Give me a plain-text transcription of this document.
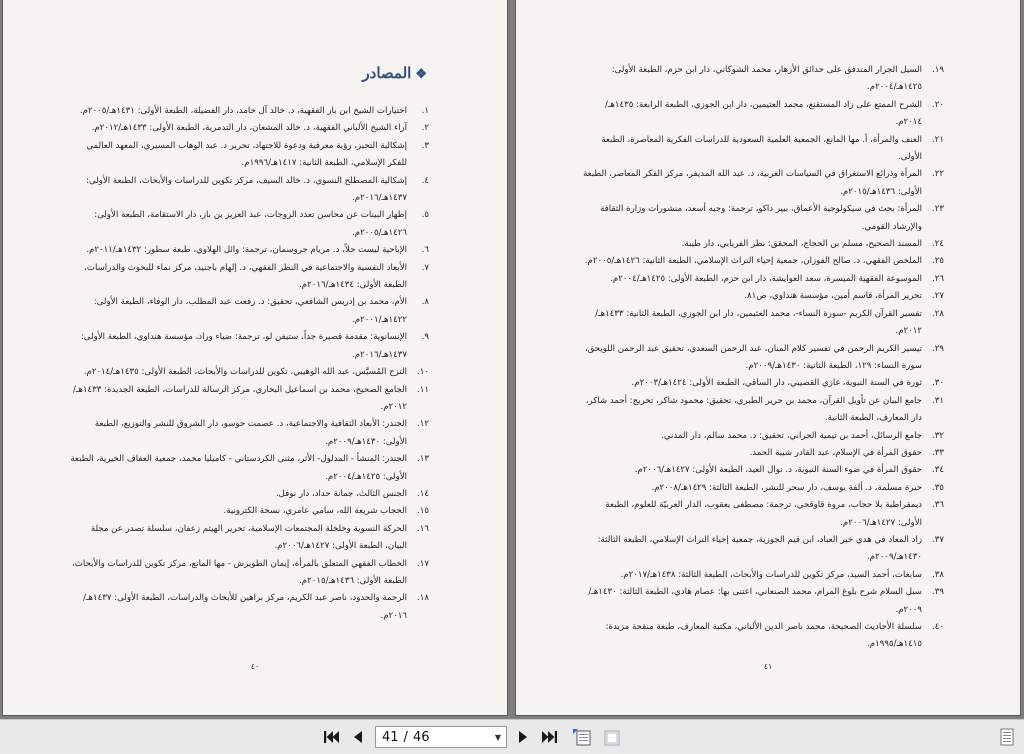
❖المصادر
١.
اختيارات الشيخ ابن باز الفقهية، د. خالد آل حامد، دار الفضيلة، الطبعة الأولى: ١٤٣١هـ/٢٠٠٥م.
٢.
آراء الشيخ الألباني الفقهية، د. خالد المشعان، دار التدمرية، الطبعة الأولى: ١٤٣٣هـ/٢٠١٢م.
٣.
إشكالية التحيز، رؤية معرفية ودعوة للاجتهاد، تحرير د. عبد الوهاب المسيري، المعهد العالمي للفكر الإسلامي، الطبعة الثانية: ١٤١٧هـ/١٩٩٦م.
٤.
إشكالية المصطلح النسوي، د. خالد السيف، مركز تكوين للدراسات والأبحاث، الطبعة الأولى: ١٤٣٧هـ/٢٠١٦م.
٥.
إظهار البينات عن محاسن تعدد الزوجات، عبد العزيز بن باز، دار الاستقامة، الطبعة الأولى: ١٤٢٦هـ/٢٠٠٥م.
٦.
الإباحية ليست حلاً، د. مريام جروسمان، ترجمة: وائل الهلاوي، طبعة سطور: ١٤٣٢هـ/٢٠١١م.
٧.
الأبعاد النفسية والاجتماعية في النظر الفقهي، د. إلهام باجنيد، مركز نماء للبحوث والدراسات، الطبعة الأولى: ١٤٣٤هـ/٢٠١٦م.
٨.
الأم، محمد بن إدريس الشافعي، تحقيق: د. رفعت عبد المطلب، دار الوفاء، الطبعة الأولى: ١٤٢٢هـ/٢٠٠١م.
٩.
الإنسانوية: مقدمة قصيرة جداً، ستيفن لو، ترجمة: ضياء وراد، مؤسسة هنداوي، الطبعة الأولى: ١٤٣٧هـ/٢٠١٦م.
١٠.
التزح المُسيَّس، عبد الله الوهيبي، تكوين للدراسات والأبحاث، الطبعة الأولى: ١٤٣٥هـ/٢٠١٤م.
١١.
الجامع الصحيح، محمد بن اسماعيل البخاري، مركز الرسالة للدراسات، الطبعة الجديدة: ١٤٣٣هـ/٢٠١٢م.
١٢.
الجندر: الأبعاد الثقافية والاجتماعية، د. عصمت حوسو، دار الشروق للنشر والتوزيع، الطبعة الأولى: ١٤٣٠هـ/٢٠٠٩م.
١٣.
الجندر: المنشأ - المدلول- الأثر، مثنى الكردستاني - كاميليا محمد، جمعية العفاف الخيرية، الطبعة الأولى: ١٤٢٥هـ/٢٠٠٤م.
١٤.
الجنس الثالث، جمانة حداد، دار نوفل.
١٥.
الحجاب شريعة الله، سامي عامري، نسخة الكترونية.
١٦.
الحركة النسوية وخلخلة المجتمعات الإسلامية، تحرير الهيثم زعفان، سلسلة تصدر عن مجلة البيان، الطبعة الأولى: ١٤٢٧هـ/٢٠٠٦م.
١٧.
الخطاب الفقهي المتعلق بالمرأة، إيمان الطويرش - مها المانع، مركز تكوين للدراسات والأبحاث، الطبعة الأولى: ١٤٣٦هـ/٢٠١٥م.
١٨.
الرحمة والحدود، ناصر عبد الكريم، مركز براهين للأبحاث والدراسات، الطبعة الأولى: ١٤٣٧هـ/٢٠١٦م.
٤٠
١٩.
السيل الجرار المتدفق على حدائق الأزهار، محمد الشوكاني، دار ابن حزم، الطبعة الأولى: ١٤٢٥هـ/٢٠٠٤م.
٢٠.
الشرح الممتع على زاد المستقنع، محمد العثيمين، دار ابن الجوزي، الطبعة الرابعة: ١٤٣٥هـ/٢٠١٤م.
٢١.
العنف والمرأة، أ. مها المانع، الجمعية العلمية السعودية للدراسات الفكرية المعاصرة، الطبعة الأولى.
٢٢.
المرأة وذرائع الاستغراق في السياسات الغربية، د. عبد الله المديفر، مركز الفكر المعاصر، الطبعة الأولى: ١٤٣٦هـ/٢٠١٥م.
٢٣.
المرأة: بحث في سيكولوجية الأعماق، بيير داكو، ترجمة: وجيه أسعد، منشورات وزارة الثقافة والإرشاد القومي.
٢٤.
المسند الصحيح، مسلم بن الحجاج، المحقق: نظر الفريابي، دار طيبة.
٢٥.
الملخص الفقهي، د. صالح الفوزان، جمعية إحياء التراث الإسلامي، الطبعة الثانية: ١٤٢٦هـ/٢٠٠٥م.
٢٦.
الموسوعة الفقهية الميسرة، سعد العوايشة، دار ابن حزم، الطبعة الأولى: ١٤٢٥هـ/٢٠٠٤م.
٢٧.
تحرير المرأة، قاسم أمين، مؤسسة هنداوي، ص٨١.
٢٨.
تفسير القرآن الكريم -سورة النساء-، محمد العثيمين، دار ابن الجوزي، الطبعة الثانية: ١٤٣٣هـ/٢٠١٢م.
٢٩.
تيسير الكريم الرحمن في تفسير كلام المنان، عبد الرحمن السعدي، تحقيق عبد الرحمن اللويحق، سورة النساء: ١٢٩، الطبعة الثانية: ١٤٣٠هـ/٢٠٠٩م.
٣٠.
ثورة في السنة النبوية، غازي القصيبي، دار الساقي، الطبعة الأولى: ١٤٢٤هـ/٢٠٠٣م.
٣١.
جامع البيان عن تأويل القرآن، محمد بن جرير الطبري، تحقيق: محمود شاكر، تخريج: أحمد شاكر، دار المعارف، الطبعة الثانية.
٣٢.
جامع الرسائل، أحمد بن تيمية الحراني، تحقيق: د. محمد سالم، دار المدني.
٣٣.
حقوق المرأة في الإسلام، عبد القادر شيبة الحمد.
٣٤.
حقوق المرأة في ضوء السنة النبوية، د. نوال العيد، الطبعة الأولى: ١٤٢٧هـ/٢٠٠٦م.
٣٥.
حيرة مسلمة، د. ألفة يوسف، دار سحر للنشر، الطبعة الثالثة: ١٤٢٩هـ/٢٠٠٨م.
٣٦.
ديمقراطية بلا حجاب، مروة قاوقجي، ترجمة: مصطفى يعقوب، الدار العربيّة للعلوم، الطبعة الأولى: ١٤٢٧هـ/٢٠٠٦م.
٣٧.
زاد المعاد في هدي خير العباد، ابن قيم الجوزية، جمعية إحياء التراث الإسلامي، الطبعة الثالثة: ١٤٣٠هـ/٢٠٠٩م.
٣٨.
سابغات، أحمد السيد، مركز تكوين للدراسات والأبحاث، الطبعة الثالثة: ١٤٣٨هـ/٢٠١٧م.
٣٩.
سبل السلام شرح بلوغ المرام، محمد الصنعاني، اعتنى بها: عصام هادي، الطبعة الثالثة: ١٤٣٠هـ/٢٠٠٩م.
٤٠.
سلسلة الأحاديث الصحيحة، محمد ناصر الدين الألباني، مكتبة المعارف، طبعة منقحة مزيدة: ١٤١٥هـ/١٩٩٥م.
٤١
41 / 46	▼
